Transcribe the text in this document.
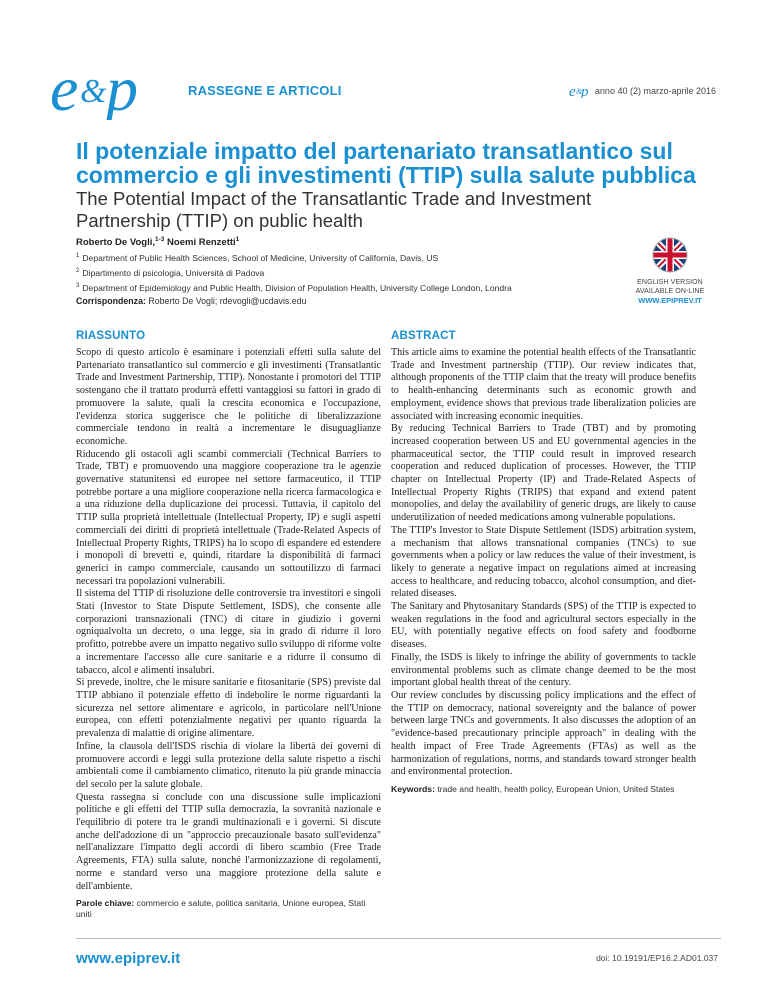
e & p	RASSEGNE E ARTICOLI	e &
p anno 40 (2) marzo-aprile 2016
Il potenziale impatto del partenariato transatlantico sul commercio e gli investimenti (TTIP) sulla salute pubblica
The Potential Impact of the Transatlantic Trade and Investment Partnership (TTIP) on public health
Roberto De Vogli,$^{1-3}$ Noemi Renzetti$^1$
$^1$ Department of Public Health Sciences, School of Medicine, University of California, Davis, US
$^2$ Dipartimento di psicologia, Università di Padova
$^3$ Department of Epidemiology and Public Health, Division of Population Health, University College London, Londra
ENGLISH VERSION
AVAILABLE ON-LINE
WWW.EPIPREV.IT
Corrispondenza: Roberto De Vogli; rdevogli@ucdavis.edu
RIASSUNTO

Scopo di questo articolo è esaminare i potenziali effetti sulla salute del Partenariato transatlantico sul commercio e gli investimenti (Transatlantic Trade and Investment Partnership, TTIP). Nonostante i promotori del TTIP sostengano che il trattato produrrà effetti vantaggiosi su fattori in grado di promuovere la salute, quali la crescita economica e l'occupazione, l'evidenza storica suggerisce che le politiche di liberalizzazione commerciale tendono in realtà a incrementare le disuguaglianze economiche.

Riducendo gli ostacoli agli scambi commerciali (Technical Barriers to Trade, TBT) e promuovendo una maggiore cooperazione tra le agenzie governative statunitensi ed europee nel settore farmaceutico, il TTIP potrebbe portare a una migliore cooperazione nella ricerca farmacologica e a una riduzione della duplicazione dei processi. Tuttavia, il capitolo del TTIP sulla proprietà intellettuale (Intellectual Property, IP) e sugli aspetti commerciali dei diritti di proprietà intellettuale (Trade-Related Aspects of Intellectual Property Rights, TRIPS) ha lo scopo di espandere ed estendere i monopoli di brevetti e, quindi, ritardare la disponibilità di farmaci generici in campo commerciale, causando un sottoutilizzo di farmaci necessari tra popolazioni vulnerabili.

Il sistema del TTIP di risoluzione delle controversie tra investitori e singoli Stati (Investor to State Dispute Settlement, ISDS), che consente alle corporazioni transnazionali (TNC) di citare in giudizio i governi ogniqualvolta un decreto, o una legge, sia in grado di ridurre il loro profitto, potrebbe avere un impatto negativo sullo sviluppo di riforme volte a incrementare l'accesso alle cure sanitarie e a ridurre il consumo di tabacco, alcol e alimenti insalubri.

Si prevede, inoltre, che le misure sanitarie e fitosanitarie (SPS) previste dal TTIP abbiano il potenziale effetto di indebolire le norme riguardanti la sicurezza nel settore alimentare e agricolo, in particolare nell'Unione europea, con effetti potenzialmente negativi per quanto riguarda la prevalenza di malattie di origine alimentare.

Infine, la clausola dell'ISDS rischia di violare la libertà dei governi di promuovere accordi e leggi sulla protezione della salute rispetto a rischi ambientali come il cambiamento climatico, ritenuto la più grande minaccia del secolo per la salute globale.

Questa rassegna si conclude con una discussione sulle implicazioni politiche e gli effetti del TTIP sulla democrazia, la sovranità nazionale e l'equilibrio di potere tra le grandi multinazionali e i governi. Si discute anche dell'adozione di un "approccio precauzionale basato sull'evidenza" nell'analizzare l'impatto degli accordi di libero scambio (Free Trade Agreements, FTA) sulla salute, nonché l'armonizzazione di regolamenti, norme e standard verso una maggiore protezione della salute e dell'ambiente.

Parole chiave: commercio e salute, politica sanitaria, Unione europea, Stati uniti
ABSTRACT

This article aims to examine the potential health effects of the Transatlantic Trade and Investment partnership (TTIP). Our review indicates that, although proponents of the TTIP claim that the treaty will produce benefits to health-enhancing determinants such as economic growth and employment, evidence shows that previous trade liberalization policies are associated with increasing economic inequities.

By reducing Technical Barriers to Trade (TBT) and by promoting increased cooperation between US and EU governmental agencies in the pharmaceutical sector, the TTIP could result in improved research cooperation and reduced duplication of processes. However, the TTIP chapter on Intellectual Property (IP) and Trade-Related Aspects of Intellectual Property Rights (TRIPS) that expand and extend patent monopolies, and delay the availability of generic drugs, are likely to cause underutilization of needed medications among vulnerable populations.

The TTIP's Investor to State Dispute Settlement (ISDS) arbitration system, a mechanism that allows transnational companies (TNCs) to sue governments when a policy or law reduces the value of their investment, is likely to generate a negative impact on regulations aimed at increasing access to healthcare, and reducing tobacco, alcohol consumption, and diet-related diseases.

The Sanitary and Phytosanitary Standards (SPS) of the TTIP is expected to weaken regulations in the food and agricultural sectors especially in the EU, with potentially negative effects on food safety and foodborne diseases.

Finally, the ISDS is likely to infringe the ability of governments to tackle environmental problems such as climate change deemed to be the most important global health threat of the century.

Our review concludes by discussing policy implications and the effect of the TTIP on democracy, national sovereignty and the balance of power between large TNCs and governments. It also discusses the adoption of an "evidence-based precautionary principle approach" in dealing with the health impact of Free Trade Agreements (FTAs) as well as the harmonization of regulations, norms, and standards toward stronger health and environmental protection.

Keywords: trade and health, health policy, European Union, United States
www.epiprev.it	doi: 10.19191/EP16.2.AD01.037
